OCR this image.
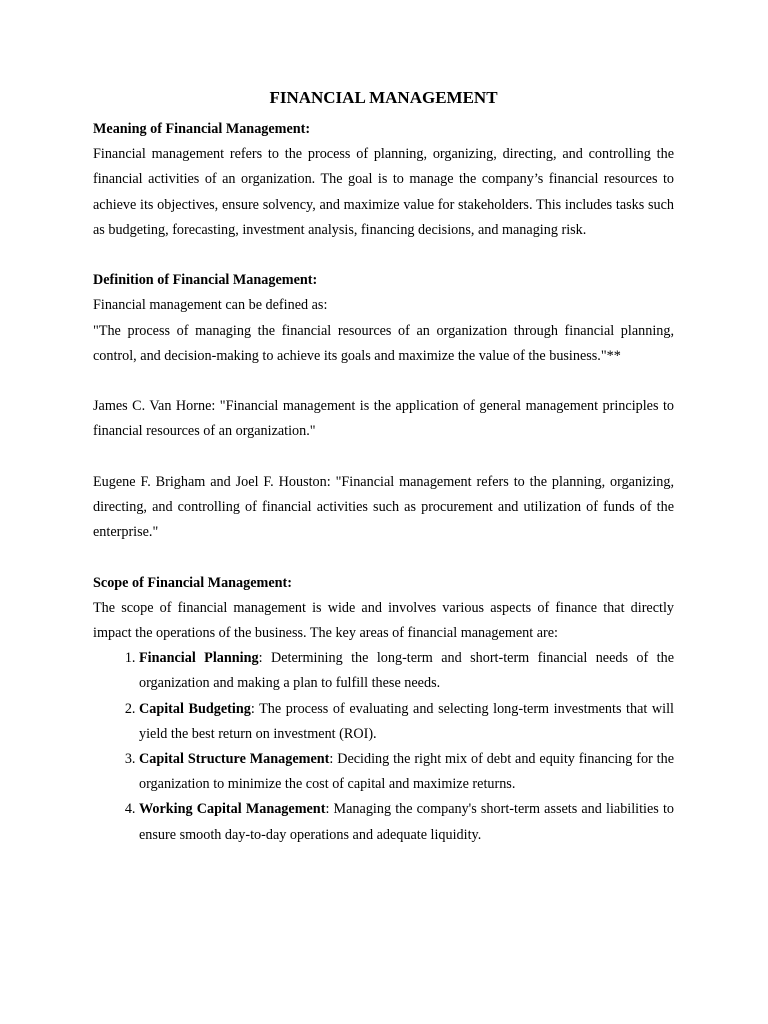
FINANCIAL MANAGEMENT
Meaning of Financial Management:

Financial management refers to the process of planning, organizing, directing, and controlling the financial activities of an organization. The goal is to manage the company’s financial resources to achieve its objectives, ensure solvency, and maximize value for stakeholders. This includes tasks such as budgeting, forecasting, investment analysis, financing decisions, and managing risk.

Definition of Financial Management:

Financial management can be defined as:

"The process of managing the financial resources of an organization through financial planning, control, and decision-making to achieve its goals and maximize the value of the business."**

James C. Van Horne: "Financial management is the application of general management principles to financial resources of an organization."

Eugene F. Brigham and Joel F. Houston: "Financial management refers to the planning, organizing, directing, and controlling of financial activities such as procurement and utilization of funds of the enterprise."

Scope of Financial Management:

The scope of financial management is wide and involves various aspects of finance that directly impact the operations of the business. The key areas of financial management are:

1. Financial Planning: Determining the long-term and short-term financial needs of the organization and making a plan to fulfill these needs.
2. Capital Budgeting: The process of evaluating and selecting long-term investments that will yield the best return on investment (ROI).
3. Capital Structure Management: Deciding the right mix of debt and equity financing for the organization to minimize the cost of capital and maximize returns.
4. Working Capital Management: Managing the company's short-term assets and liabilities to ensure smooth day-to-day operations and adequate liquidity.
